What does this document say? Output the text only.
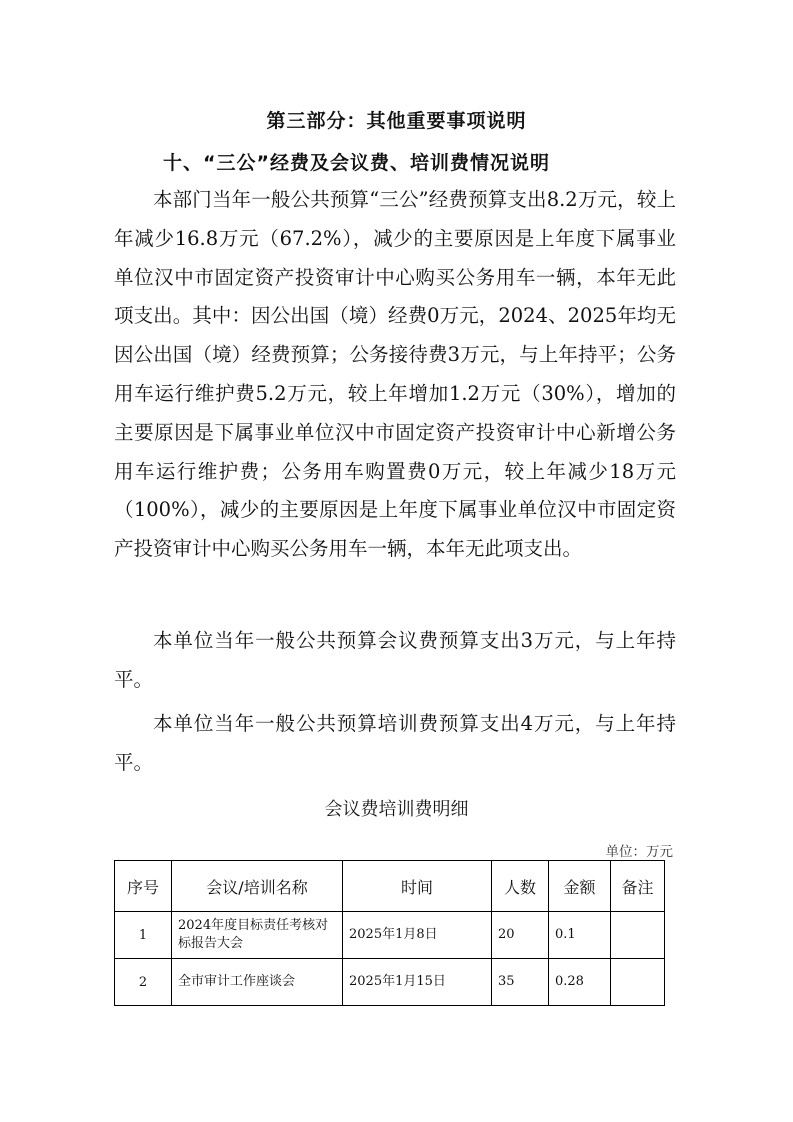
第三部分：其他重要事项说明
十、“三公”经费及会议费、培训费情况说明

本部门当年一般公共预算“三公”经费预算支出8.2万元，较上年减少16.8万元（67.2%），减少的主要原因是上年度下属事业单位汉中市固定资产投资审计中心购买公务用车一辆，本年无此项支出。其中：因公出国（境）经费0万元，2024、2025年均无因公出国（境）经费预算；公务接待费3万元，与上年持平；公务用车运行维护费5.2万元，较上年增加1.2万元（30%），增加的主要原因是下属事业单位汉中市固定资产投资审计中心新增公务用车运行维护费；公务用车购置费0万元，较上年减少18万元（100%），减少的主要原因是上年度下属事业单位汉中市固定资产投资审计中心购买公务用车一辆，本年无此项支出。

本单位当年一般公共预算会议费预算支出3万元，与上年持平。

本单位当年一般公共预算培训费预算支出4万元，与上年持平。

会议费培训费明细
单位：万元
序号	会议/培训名称	时间	人数	金额	备注
1	2024年度目标责任考核对标报告大会	2025年1月8日	20	0.1	
2	全市审计工作座谈会	2025年1月15日	35	0.28	
